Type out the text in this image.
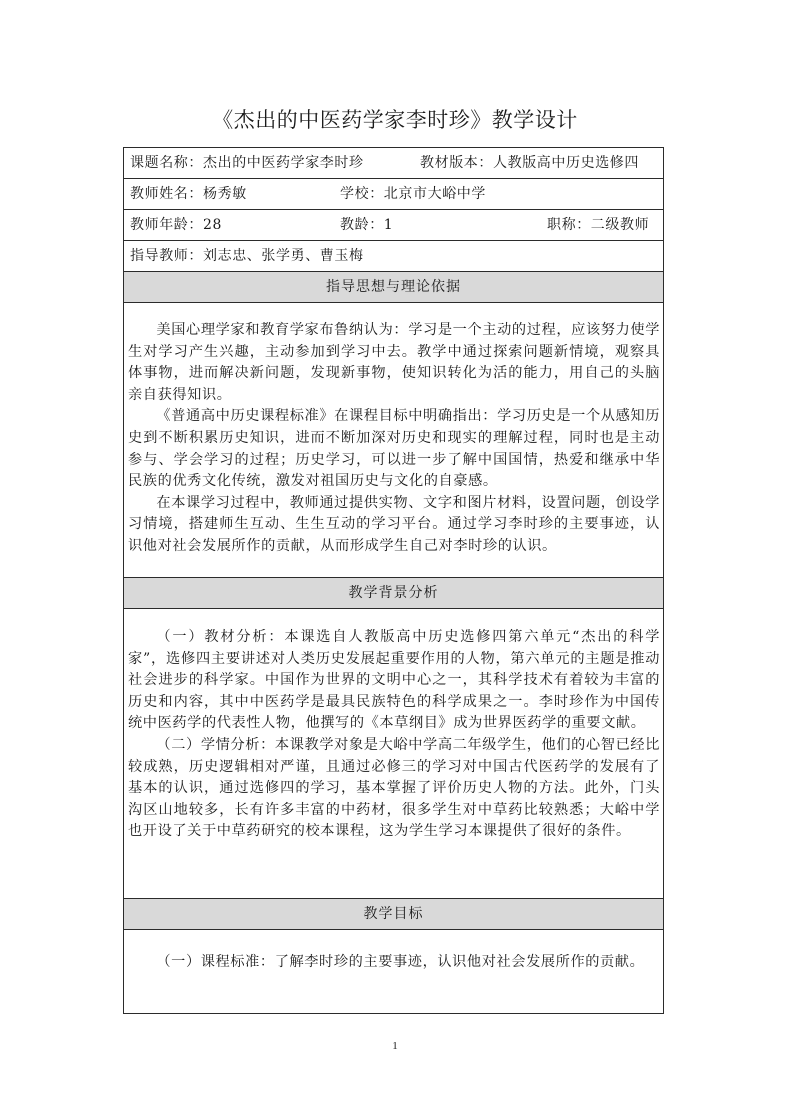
《杰出的中医药学家李时珍》教学设计
课题名称：杰出的中医药学家李时珍	教材版本：人教版高中历史选修四
教师姓名：杨秀敏	学校：北京市大峪中学
教师年龄：28	教龄：1	职称：二级教师
指导教师：刘志忠、张学勇、曹玉梅
指导思想与理论依据

美国心理学家和教育学家布鲁纳认为：学习是一个主动的过程，应该努力使学生对学习产生兴趣，主动参加到学习中去。教学中通过探索问题新情境，观察具体事物，进而解决新问题，发现新事物，使知识转化为活的能力，用自己的头脑亲自获得知识。

《普通高中历史课程标准》在课程目标中明确指出：学习历史是一个从感知历史到不断积累历史知识，进而不断加深对历史和现实的理解过程，同时也是主动参与、学会学习的过程；历史学习，可以进一步了解中国国情，热爱和继承中华民族的优秀文化传统，激发对祖国历史与文化的自豪感。

在本课学习过程中，教师通过提供实物、文字和图片材料，设置问题，创设学习情境，搭建师生互动、生生互动的学习平台。通过学习李时珍的主要事迹，认识他对社会发展所作的贡献，从而形成学生自己对李时珍的认识。

教学背景分析

（一）教材分析：本课选自人教版高中历史选修四第六单元“杰出的科学家”，选修四主要讲述对人类历史发展起重要作用的人物，第六单元的主题是推动社会进步的科学家。中国作为世界的文明中心之一，其科学技术有着较为丰富的历史和内容，其中中医药学是最具民族特色的科学成果之一。李时珍作为中国传统中医药学的代表性人物，他撰写的《本草纲目》成为世界医药学的重要文献。

（二）学情分析：本课教学对象是大峪中学高二年级学生，他们的心智已经比较成熟，历史逻辑相对严谨，且通过必修三的学习对中国古代医药学的发展有了基本的认识，通过选修四的学习，基本掌握了评价历史人物的方法。此外，门头沟区山地较多，长有许多丰富的中药材，很多学生对中草药比较熟悉；大峪中学也开设了关于中草药研究的校本课程，这为学生学习本课提供了很好的条件。

教学目标

（一）课程标准：了解李时珍的主要事迹，认识他对社会发展所作的贡献。

1
